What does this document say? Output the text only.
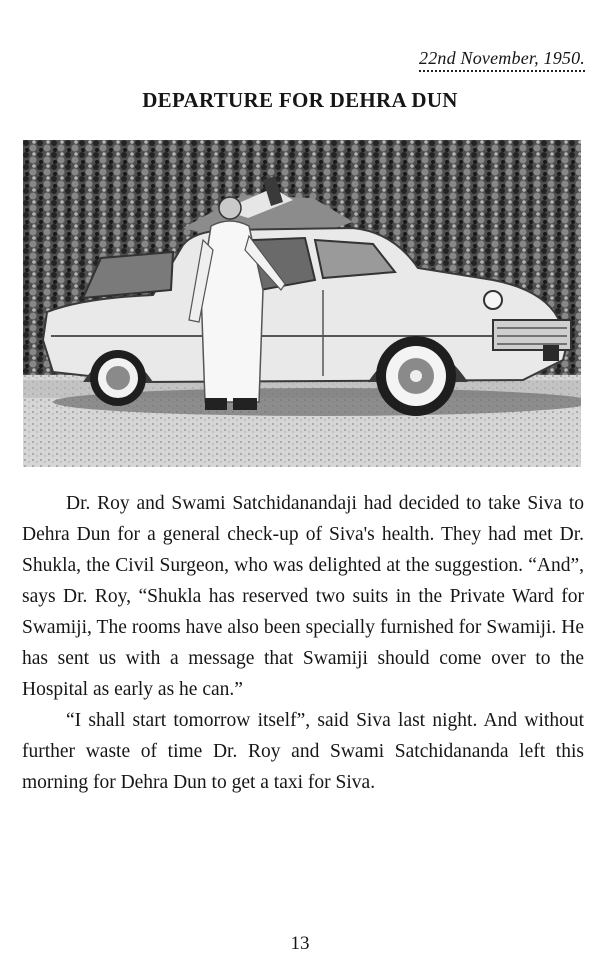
22nd November, 1950.
DEPARTURE FOR DEHRA DUN

Dr. Roy and Swami Satchidanandaji had decided to take Siva to Dehra Dun for a general check-up of Siva's health. They had met Dr. Shukla, the Civil Surgeon, who was delighted at the suggestion. “And”, says Dr. Roy, “Shukla has reserved two suits in the Private Ward for Swamiji, The rooms have also been specially furnished for Swamiji. He has sent us with a message that Swamiji should come over to the Hospital as early as he can.”

“I shall start tomorrow itself”, said Siva last night. And without further waste of time Dr. Roy and Swami Satchidananda left this morning for Dehra Dun to get a taxi for Siva.

13
